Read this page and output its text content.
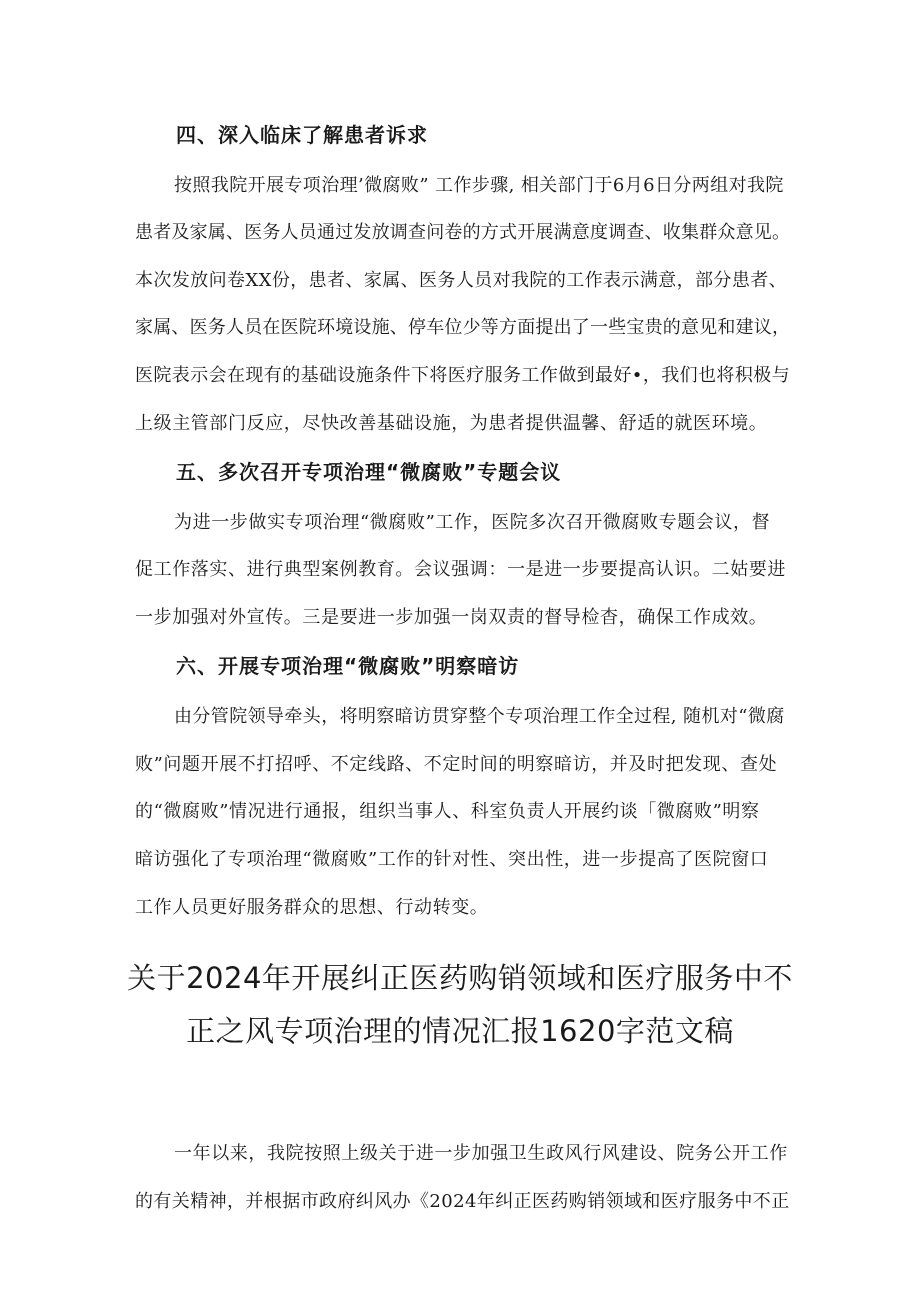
四、深入临床了解患者诉求
按照我院开展专项治理’微腐败” 工作步骤, 相关部门于6月6日分两组对我院
患者及家属、医务人员通过发放调查问卷的方式开展满意度调查、收集群众意见。
本次发放问卷XX份，患者、家属、医务人员对我院的工作表示满意，部分患者、
家属、医务人员在医院环境设施、停车位少等方面提出了一些宝贵的意见和建议，
医院表示会在现有的基础设施条件下将医疗服务工作做到最好•，我们也将积极与
上级主管部门反应，尽快改善基础设施，为患者提供温馨、舒适的就医环境。
五、多次召开专项治理“微腐败”专题会议
为进一步做实专项治理“微腐败”工作，医院多次召开微腐败专题会议，督
促工作落实、进行典型案例教育。会议强调：一是进一步要提高认识。二姑要进
一步加强对外宣传。三是要进一步加强一岗双责的督导检杳，确保工作成效。
六、开展专项治理“微腐败”明察暗访
由分管院领导牵头，将明察暗访贯穿整个专项治理工作全过程, 随机对“微腐
败”问题开展不打招呼、不定线路、不定时间的明察暗访，并及时把发现、查处
的“微腐败”情况进行通报，组织当事人、科室负责人开展约谈「微腐败”明察
暗访强化了专项治理“微腐败”工作的针对性、突出性，进一步提高了医院窗口
工作人员更好服务群众的思想、行动转变。
关于2024年开展纠正医药购销领域和医疗服务中不
正之风专项治理的情况汇报1620字范文稿
一年以来，我院按照上级关于进一步加强卫生政风行风建设、院务公开工作
的有关精神，并根据市政府纠风办《2024年纠正医药购销领域和医疗服务中不正
